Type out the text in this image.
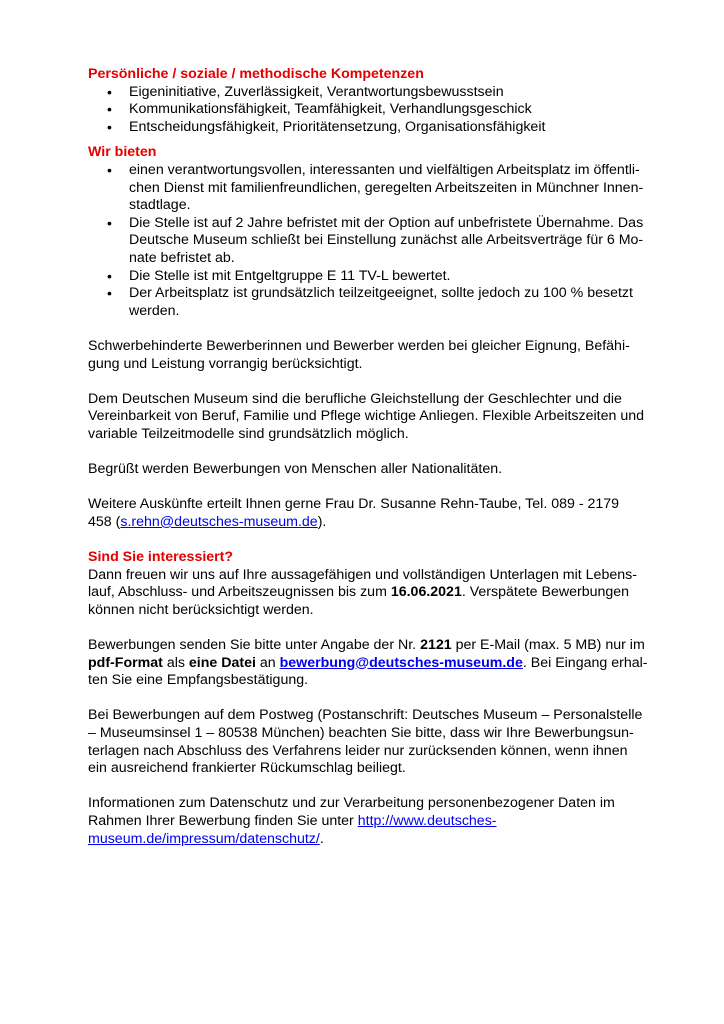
Persönliche / soziale / methodische Kompetenzen

• Eigeninitiative, Zuverlässigkeit, Verantwortungsbewusstsein
• Kommunikationsfähigkeit, Teamfähigkeit, Verhandlungsgeschick
• Entscheidungsfähigkeit, Prioritätensetzung, Organisationsfähigkeit

Wir bieten

• einen verantwortungsvollen, interessanten und vielfältigen Arbeitsplatz im öffentli-
chen Dienst mit familienfreundlichen, geregelten Arbeitszeiten in Münchner Innen-
stadtlage.
• Die Stelle ist auf 2 Jahre befristet mit der Option auf unbefristete Übernahme. Das
Deutsche Museum schließt bei Einstellung zunächst alle Arbeitsverträge für 6 Mo-
nate befristet ab.
• Die Stelle ist mit Entgeltgruppe E 11 TV-L bewertet.
• Der Arbeitsplatz ist grundsätzlich teilzeitgeeignet, sollte jedoch zu 100 % besetzt
werden.

Schwerbehinderte Bewerberinnen und Bewerber werden bei gleicher Eignung, Befähi-
gung und Leistung vorrangig berücksichtigt.

Dem Deutschen Museum sind die berufliche Gleichstellung der Geschlechter und die
Vereinbarkeit von Beruf, Familie und Pflege wichtige Anliegen. Flexible Arbeitszeiten und
variable Teilzeitmodelle sind grundsätzlich möglich.

Begrüßt werden Bewerbungen von Menschen aller Nationalitäten.

Weitere Auskünfte erteilt Ihnen gerne Frau Dr. Susanne Rehn-Taube, Tel. 089 - 2179
458 (s.rehn@deutsches-museum.de).

Sind Sie interessiert?

Dann freuen wir uns auf Ihre aussagefähigen und vollständigen Unterlagen mit Lebens-
lauf, Abschluss- und Arbeitszeugnissen bis zum 16.06.2021. Verspätete Bewerbungen
können nicht berücksichtigt werden.

Bewerbungen senden Sie bitte unter Angabe der Nr. 2121 per E-Mail (max. 5 MB) nur im
pdf-Format als eine Datei an bewerbung@deutsches-museum.de. Bei Eingang erhal-
ten Sie eine Empfangsbestätigung.

Bei Bewerbungen auf dem Postweg (Postanschrift: Deutsches Museum – Personalstelle
– Museumsinsel 1 – 80538 München) beachten Sie bitte, dass wir Ihre Bewerbungsun-
terlagen nach Abschluss des Verfahrens leider nur zurücksenden können, wenn ihnen
ein ausreichend frankierter Rückumschlag beiliegt.

Informationen zum Datenschutz und zur Verarbeitung personenbezogener Daten im
Rahmen Ihrer Bewerbung finden Sie unter http://www.deutsches-
museum.de/impressum/datenschutz/.
